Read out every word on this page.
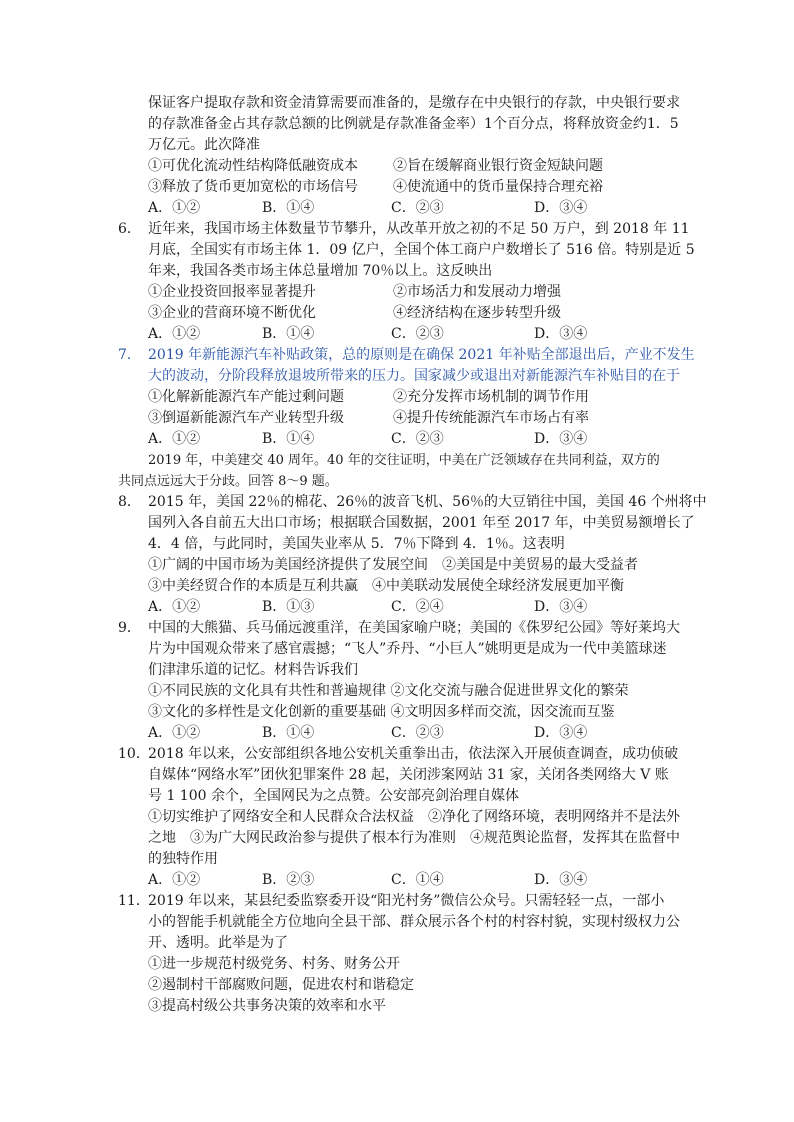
保证客户提取存款和资金清算需要而准备的，是缴存在中央银行的存款，中央银行要求
的存款准备金占其存款总额的比例就是存款准备金率）1个百分点，将释放资金约1．5
万亿元。此次降准
①可优化流动性结构降低融资成本	②旨在缓解商业银行资金短缺问题
③释放了货币更加宽松的市场信号	④使流通中的货币量保持合理充裕
A．①②	B．①④	C．②③	D．③④
6． 近年来，我国市场主体数量节节攀升，从改革开放之初的不足 50 万户，到 2018 年 11
月底，全国实有市场主体 1．09 亿户，全国个体工商户户数增长了 516 倍。特别是近 5
年来，我国各类市场主体总量增加 70％以上。这反映出
①企业投资回报率显著提升	②市场活力和发展动力增强
③企业的营商环境不断优化	④经济结构在逐步转型升级
A．①②	B．①④	C．②③	D．③④
7． 2019 年新能源汽车补贴政策，总的原则是在确保 2021 年补贴全部退出后，产业不发生
大的波动，分阶段释放退坡所带来的压力。国家减少或退出对新能源汽车补贴目的在于
①化解新能源汽车产能过剩问题	②充分发挥市场机制的调节作用
③倒逼新能源汽车产业转型升级	④提升传统能源汽车市场占有率
A．①②	B．①④	C．②③	D．③④
2019 年，中美建交 40 周年。40 年的交往证明，中美在广泛领域存在共同利益，双方的
共同点远远大于分歧。回答 8～9 题。
8． 2015 年，美国 22％的棉花、26％的波音飞机、56％的大豆销往中国，美国 46 个州将中
国列入各自前五大出口市场；根据联合国数据，2001 年至 2017 年，中美贸易额增长了
4．4 倍，与此同时，美国失业率从 5．7％下降到 4．1％。这表明
①广阔的中国市场为美国经济提供了发展空间　②美国是中美贸易的最大受益者
③中美经贸合作的本质是互利共赢　④中美联动发展使全球经济发展更加平衡
A．①②	B．①③	C．②④	D．③④
9． 中国的大熊猫、兵马俑远渡重洋，在美国家喻户晓；美国的《侏罗纪公园》等好莱坞大
片为中国观众带来了感官震撼；“飞人”乔丹、“小巨人”姚明更是成为一代中美篮球迷
们津津乐道的记忆。材料告诉我们
①不同民族的文化具有共性和普遍规律 ②文化交流与融合促进世界文化的繁荣
③文化的多样性是文化创新的重要基础 ④文明因多样而交流，因交流而互鉴
A．①②	B．①④	C．②③	D．③④
10．2018 年以来，公安部组织各地公安机关重拳出击，依法深入开展侦查调查，成功侦破
自媒体“网络水军”团伙犯罪案件 28 起，关闭涉案网站 31 家，关闭各类网络大 V 账
号 1 100 余个，全国网民为之点赞。公安部亮剑治理自媒体
①切实维护了网络安全和人民群众合法权益　②净化了网络环境，表明网络并不是法外
之地　③为广大网民政治参与提供了根本行为准则　④规范舆论监督，发挥其在监督中
的独特作用
A．①②	B．②③	C．①④	D．③④
11．2019 年以来，某县纪委监察委开设“阳光村务”微信公众号。只需轻轻一点，一部小
小的智能手机就能全方位地向全县干部、群众展示各个村的村容村貌，实现村级权力公
开、透明。此举是为了
①进一步规范村级党务、村务、财务公开
②遏制村干部腐败问题，促进农村和谐稳定
③提高村级公共事务决策的效率和水平
